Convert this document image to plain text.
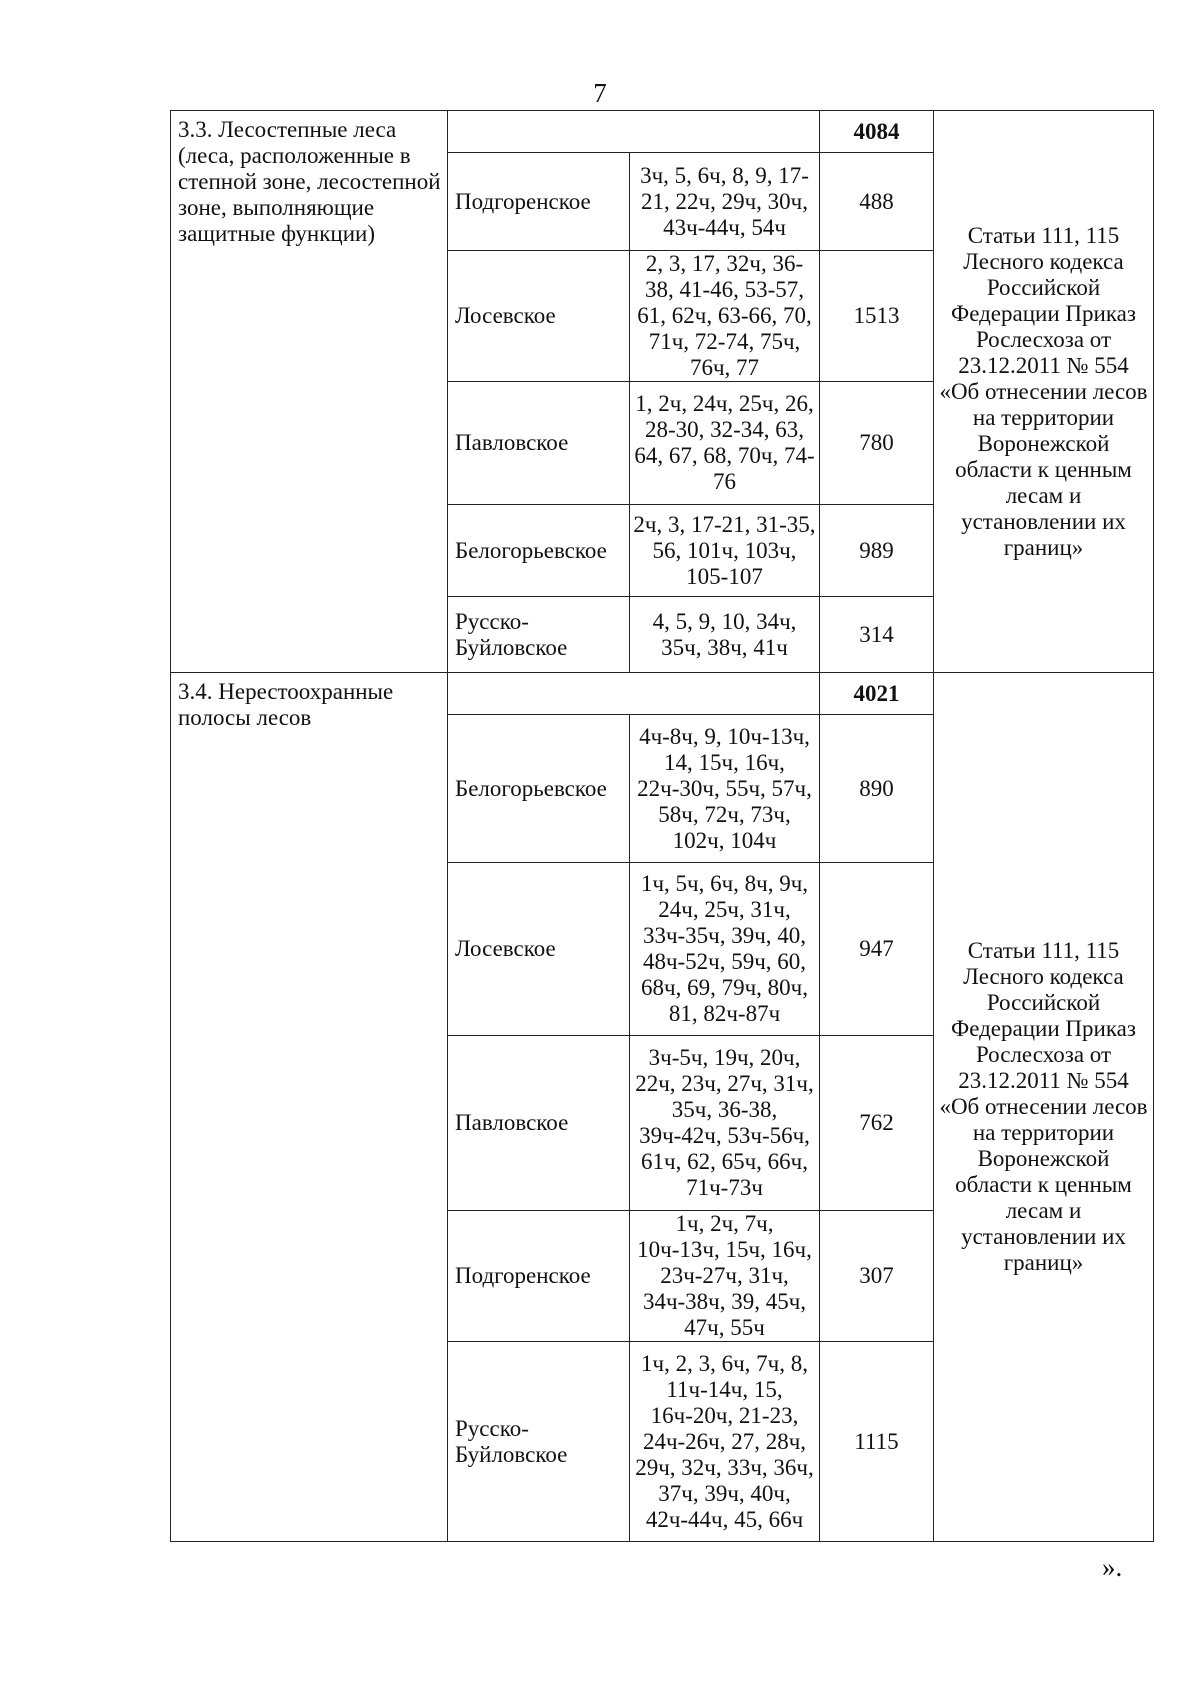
7
3.3. Лесостепные леса (леса, расположенные в степной зоне, лесостепной зоне, выполняющие защитные функции)			4084	Статьи 111, 115 Лесного кодекса Российской Федерации Приказ Рослесхоза от 23.12.2011 № 554 «Об отнесении лесов на территории Воронежской области к ценным лесам и установлении их границ»
	Подгоренское	3ч, 5, 6ч, 8, 9, 17-21, 22ч, 29ч, 30ч, 43ч-44ч, 54ч	488	
	Лосевское	2, 3, 17, 32ч, 36-38, 41-46, 53-57, 61, 62ч, 63-66, 70, 71ч, 72-74, 75ч, 76ч, 77	1513	
	Павловское	1, 2ч, 24ч, 25ч, 26, 28-30, 32-34, 63, 64, 67, 68, 70ч, 74-76	780	
	Белогорьевское	2ч, 3, 17-21, 31-35, 56, 101ч, 103ч, 105-107	989	
	Русско-Буйловское	4, 5, 9, 10, 34ч, 35ч, 38ч, 41ч	314	
3.4. Нерестоохранные полосы лесов			4021	Статьи 111, 115 Лесного кодекса Российской Федерации Приказ Рослесхоза от 23.12.2011 № 554 «Об отнесении лесов на территории Воронежской области к ценным лесам и установлении их границ»
	Белогорьевское	4ч-8ч, 9, 10ч-13ч, 14, 15ч, 16ч, 22ч-30ч, 55ч, 57ч, 58ч, 72ч, 73ч, 102ч, 104ч	890	
	Лосевское	1ч, 5ч, 6ч, 8ч, 9ч, 24ч, 25ч, 31ч, 33ч-35ч, 39ч, 40, 48ч-52ч, 59ч, 60, 68ч, 69, 79ч, 80ч, 81, 82ч-87ч	947	
	Павловское	3ч-5ч, 19ч, 20ч, 22ч, 23ч, 27ч, 31ч, 35ч, 36-38, 39ч-42ч, 53ч-56ч, 61ч, 62, 65ч, 66ч, 71ч-73ч	762	
	Подгоренское	1ч, 2ч, 7ч, 10ч-13ч, 15ч, 16ч, 23ч-27ч, 31ч, 34ч-38ч, 39, 45ч, 47ч, 55ч	307	
	Русско-Буйловское	1ч, 2, 3, 6ч, 7ч, 8, 11ч-14ч, 15, 16ч-20ч, 21-23, 24ч-26ч, 27, 28ч, 29ч, 32ч, 33ч, 36ч, 37ч, 39ч, 40ч, 42ч-44ч, 45, 66ч	1115	
».
